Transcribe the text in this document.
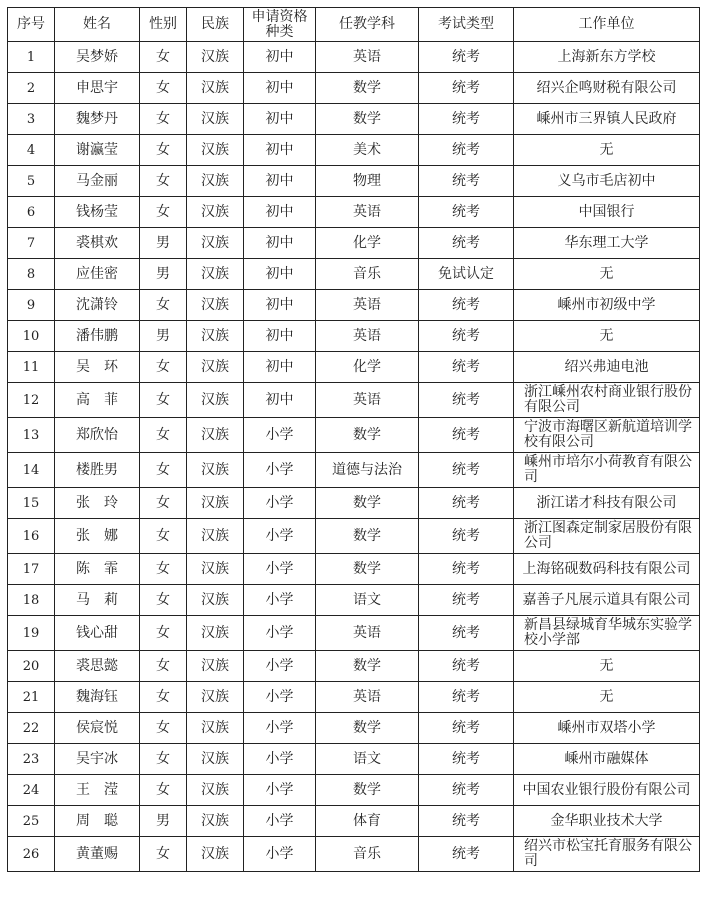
序号	姓名	性别	民族	申请资格种类	任教学科	考试类型	工作单位
1	吴梦娇	女	汉族	初中	英语	统考	上海新东方学校
2	申思宇	女	汉族	初中	数学	统考	绍兴企鸣财税有限公司
3	魏梦丹	女	汉族	初中	数学	统考	嵊州市三界镇人民政府
4	谢瀛莹	女	汉族	初中	美术	统考	无
5	马金丽	女	汉族	初中	物理	统考	义乌市毛店初中
6	钱杨莹	女	汉族	初中	英语	统考	中国银行
7	裘棋欢	男	汉族	初中	化学	统考	华东理工大学
8	应佳密	男	汉族	初中	音乐	免试认定	无
9	沈潇铃	女	汉族	初中	英语	统考	嵊州市初级中学
10	潘伟鹏	男	汉族	初中	英语	统考	无
11	吴　环	女	汉族	初中	化学	统考	绍兴弗迪电池
12	高　菲	女	汉族	初中	英语	统考	浙江嵊州农村商业银行股份有限公司
13	郑欣怡	女	汉族	小学	数学	统考	宁波市海曙区新航道培训学校有限公司
14	楼胜男	女	汉族	小学	道德与法治	统考	嵊州市培尔小荷教育有限公司
15	张　玲	女	汉族	小学	数学	统考	浙江诺才科技有限公司
16	张　娜	女	汉族	小学	数学	统考	浙江图森定制家居股份有限公司
17	陈　霏	女	汉族	小学	数学	统考	上海铭砚数码科技有限公司
18	马　莉	女	汉族	小学	语文	统考	嘉善子凡展示道具有限公司
19	钱心甜	女	汉族	小学	英语	统考	新昌县绿城育华城东实验学校小学部
20	裘思懿	女	汉族	小学	数学	统考	无
21	魏海钰	女	汉族	小学	英语	统考	无
22	侯宸悦	女	汉族	小学	数学	统考	嵊州市双塔小学
23	吴宇冰	女	汉族	小学	语文	统考	嵊州市融媒体
24	王　滢	女	汉族	小学	数学	统考	中国农业银行股份有限公司
25	周　聪	男	汉族	小学	体育	统考	金华职业技术大学
26	黄董赐	女	汉族	小学	音乐	统考	绍兴市松宝托育服务有限公司
